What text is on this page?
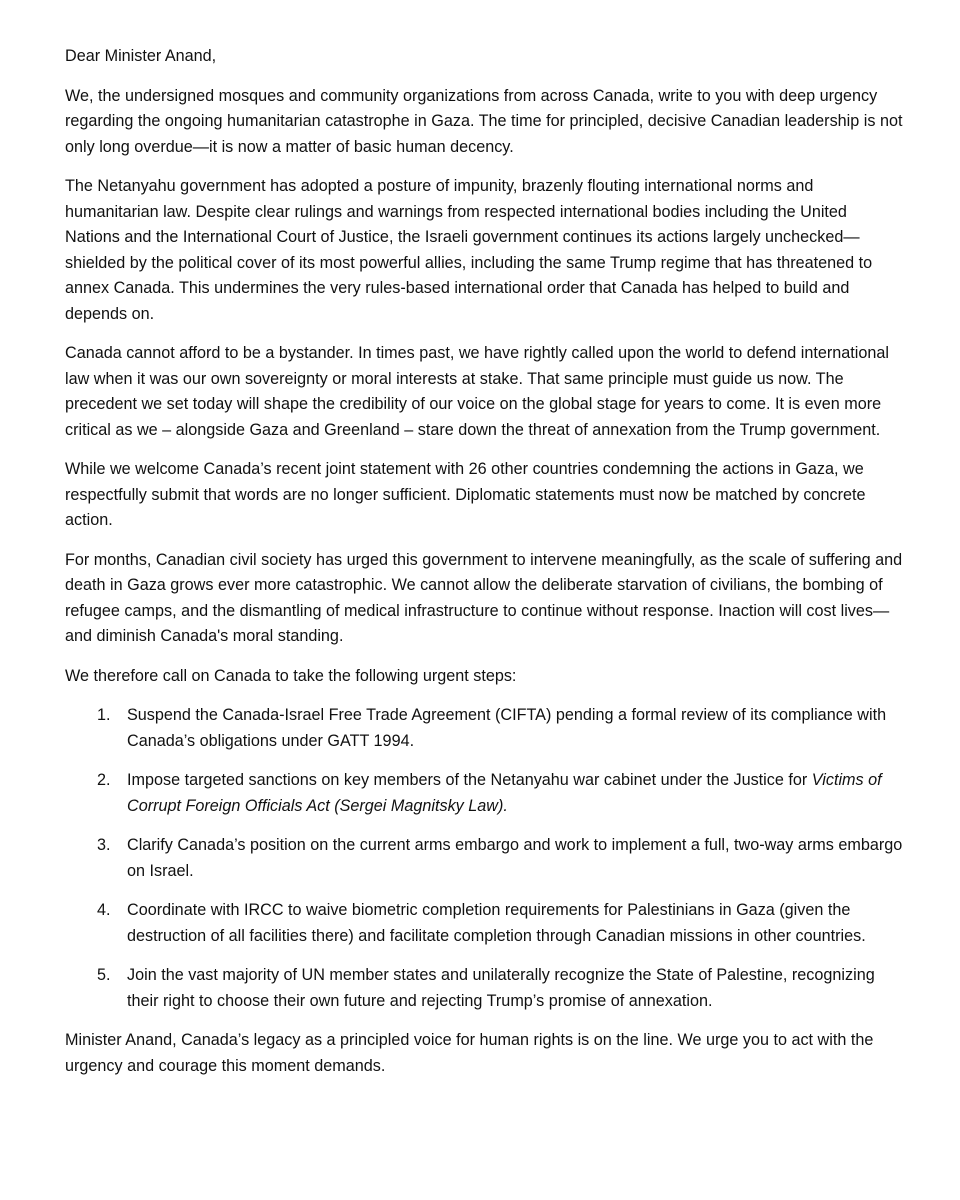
Dear Minister Anand,

We, the undersigned mosques and community organizations from across Canada, write to you with deep urgency regarding the ongoing humanitarian catastrophe in Gaza. The time for principled, decisive Canadian leadership is not only long overdue—it is now a matter of basic human decency.

The Netanyahu government has adopted a posture of impunity, brazenly flouting international norms and humanitarian law. Despite clear rulings and warnings from respected international bodies including the United Nations and the International Court of Justice, the Israeli government continues its actions largely unchecked—shielded by the political cover of its most powerful allies, including the same Trump regime that has threatened to annex Canada. This undermines the very rules-based international order that Canada has helped to build and depends on.

Canada cannot afford to be a bystander. In times past, we have rightly called upon the world to defend international law when it was our own sovereignty or moral interests at stake. That same principle must guide us now. The precedent we set today will shape the credibility of our voice on the global stage for years to come. It is even more critical as we – alongside Gaza and Greenland – stare down the threat of annexation from the Trump government.

While we welcome Canada’s recent joint statement with 26 other countries condemning the actions in Gaza, we respectfully submit that words are no longer sufficient. Diplomatic statements must now be matched by concrete action.

For months, Canadian civil society has urged this government to intervene meaningfully, as the scale of suffering and death in Gaza grows ever more catastrophic. We cannot allow the deliberate starvation of civilians, the bombing of refugee camps, and the dismantling of medical infrastructure to continue without response. Inaction will cost lives—and diminish Canada's moral standing.

We therefore call on Canada to take the following urgent steps:

1. Suspend the Canada-Israel Free Trade Agreement (CIFTA) pending a formal review of its compliance with Canada’s obligations under GATT 1994.
2. Impose targeted sanctions on key members of the Netanyahu war cabinet under the Justice for Victims of Corrupt Foreign Officials Act (Sergei Magnitsky Law).
3. Clarify Canada’s position on the current arms embargo and work to implement a full, two-way arms embargo on Israel.
4. Coordinate with IRCC to waive biometric completion requirements for Palestinians in Gaza (given the destruction of all facilities there) and facilitate completion through Canadian missions in other countries.
5. Join the vast majority of UN member states and unilaterally recognize the State of Palestine, recognizing their right to choose their own future and rejecting Trump’s promise of annexation.

Minister Anand, Canada’s legacy as a principled voice for human rights is on the line. We urge you to act with the urgency and courage this moment demands.
